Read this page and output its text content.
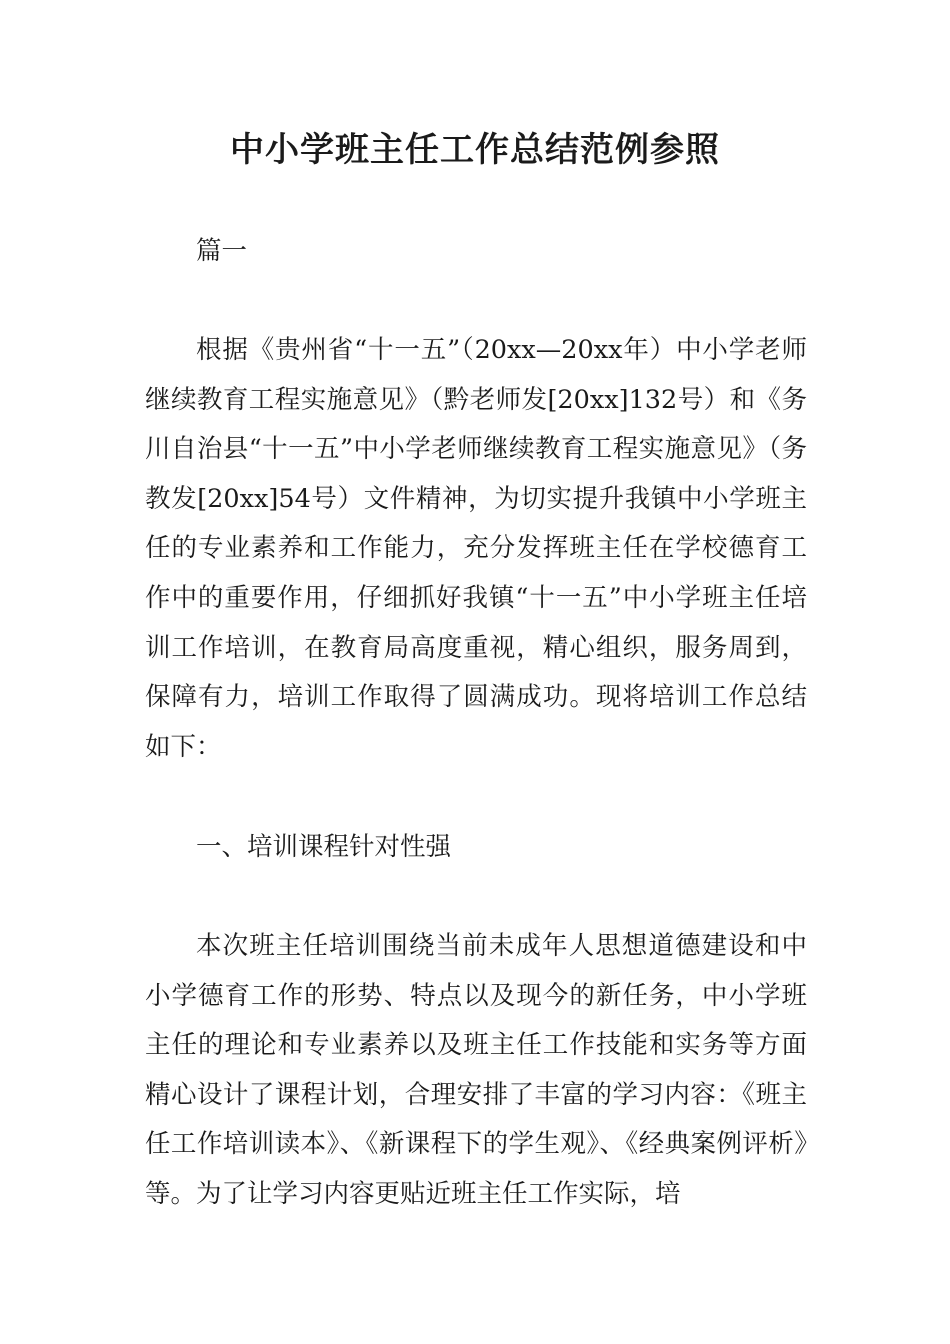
中小学班主任工作总结范例参照

篇一

根据《贵州省“十一五”（20xx—20xx年）中小学老师继续教育工程实施意见》（黔老师发[20xx]132号）和《务川自治县“十一五”中小学老师继续教育工程实施意见》（务教发[20xx]54号）文件精神，为切实提升我镇中小学班主任的专业素养和工作能力，充分发挥班主任在学校德育工作中的重要作用，仔细抓好我镇“十一五”中小学班主任培训工作培训，在教育局高度重视，精心组织，服务周到，保障有力，培训工作取得了圆满成功。现将培训工作总结如下：

一、培训课程针对性强

本次班主任培训围绕当前未成年人思想道德建设和中小学德育工作的形势、特点以及现今的新任务，中小学班主任的理论和专业素养以及班主任工作技能和实务等方面精心设计了课程计划，合理安排了丰富的学习内容：《班主任工作培训读本》、《新课程下的学生观》、《经典案例评析》等。为了让学习内容更贴近班主任工作实际，培
